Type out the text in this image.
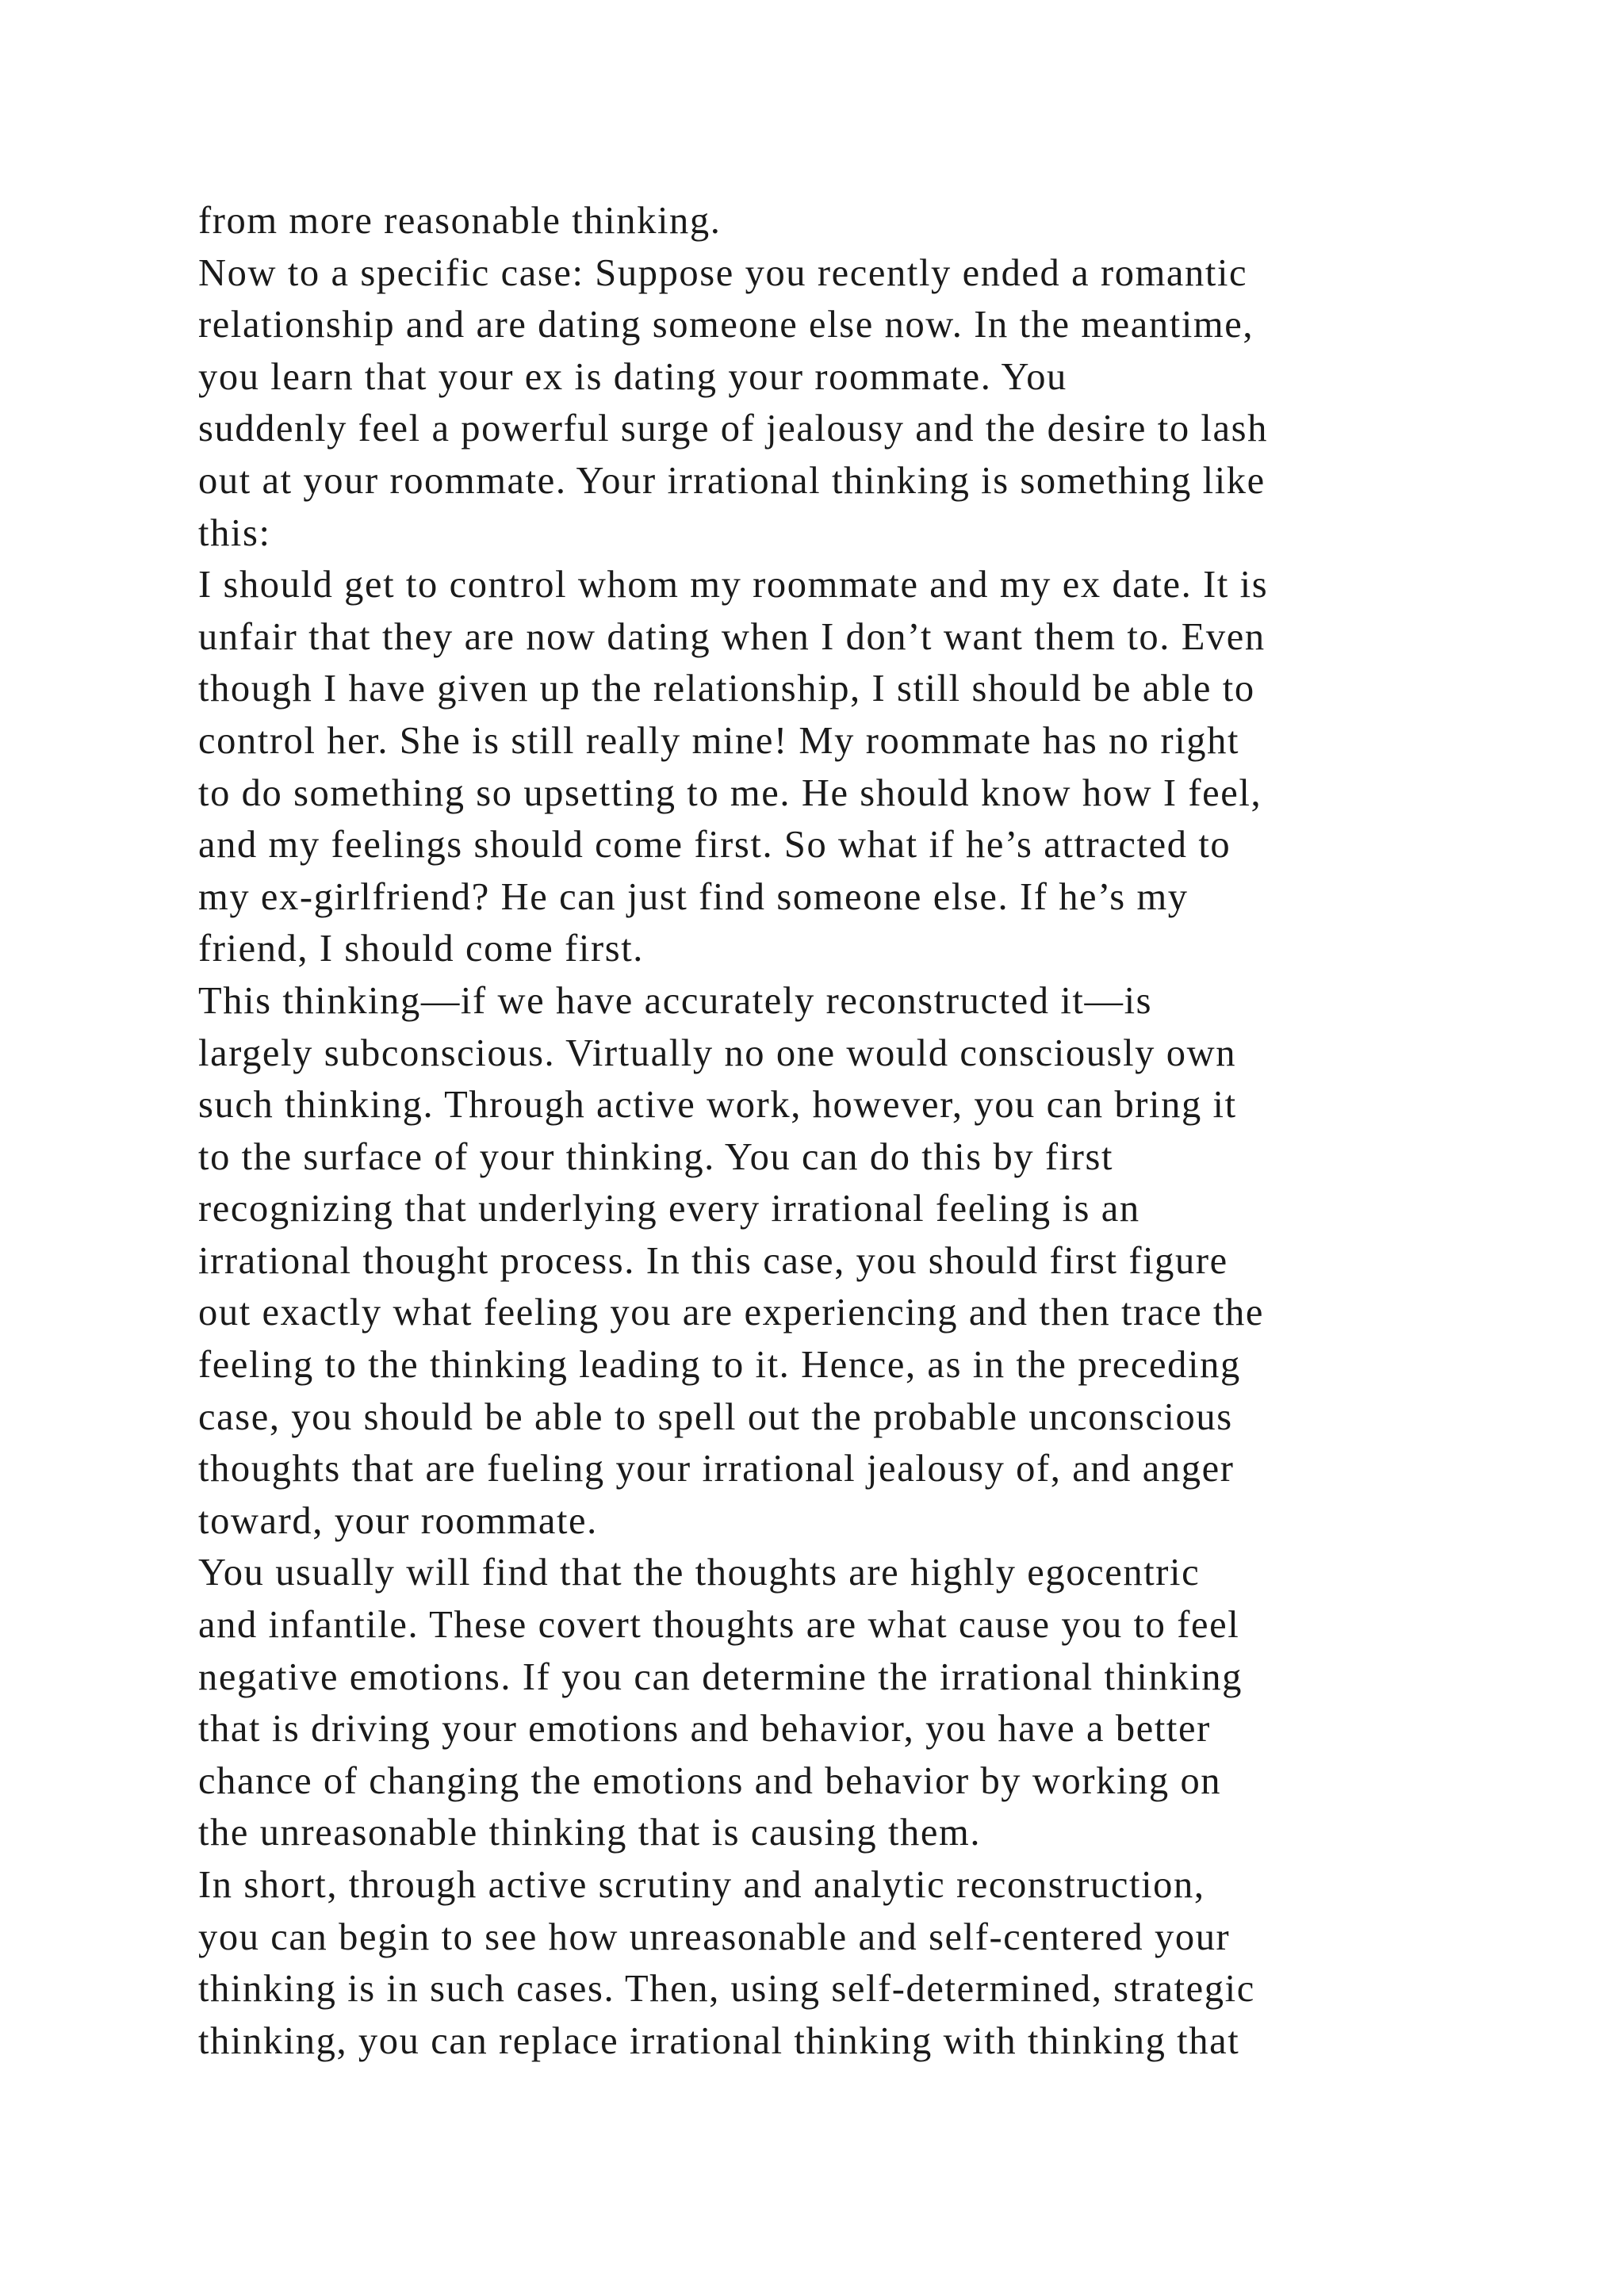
from more reasonable thinking.
Now to a specific case: Suppose you recently ended a romantic
relationship and are dating someone else now. In the meantime,
you learn that your ex is dating your roommate. You
suddenly feel a powerful surge of jealousy and the desire to lash
out at your roommate. Your irrational thinking is something like
this:
I should get to control whom my roommate and my ex date. It is
unfair that they are now dating when I don’t want them to. Even
though I have given up the relationship, I still should be able to
control her. She is still really mine! My roommate has no right
to do something so upsetting to me. He should know how I feel,
and my feelings should come first. So what if he’s attracted to
my ex-girlfriend? He can just find someone else. If he’s my
friend, I should come first.
This thinking—if we have accurately reconstructed it—is
largely subconscious. Virtually no one would consciously own
such thinking. Through active work, however, you can bring it
to the surface of your thinking. You can do this by first
recognizing that underlying every irrational feeling is an
irrational thought process. In this case, you should first figure
out exactly what feeling you are experiencing and then trace the
feeling to the thinking leading to it. Hence, as in the preceding
case, you should be able to spell out the probable unconscious
thoughts that are fueling your irrational jealousy of, and anger
toward, your roommate.
You usually will find that the thoughts are highly egocentric
and infantile. These covert thoughts are what cause you to feel
negative emotions. If you can determine the irrational thinking
that is driving your emotions and behavior, you have a better
chance of changing the emotions and behavior by working on
the unreasonable thinking that is causing them.
In short, through active scrutiny and analytic reconstruction,
you can begin to see how unreasonable and self-centered your
thinking is in such cases. Then, using self-determined, strategic
thinking, you can replace irrational thinking with thinking that
